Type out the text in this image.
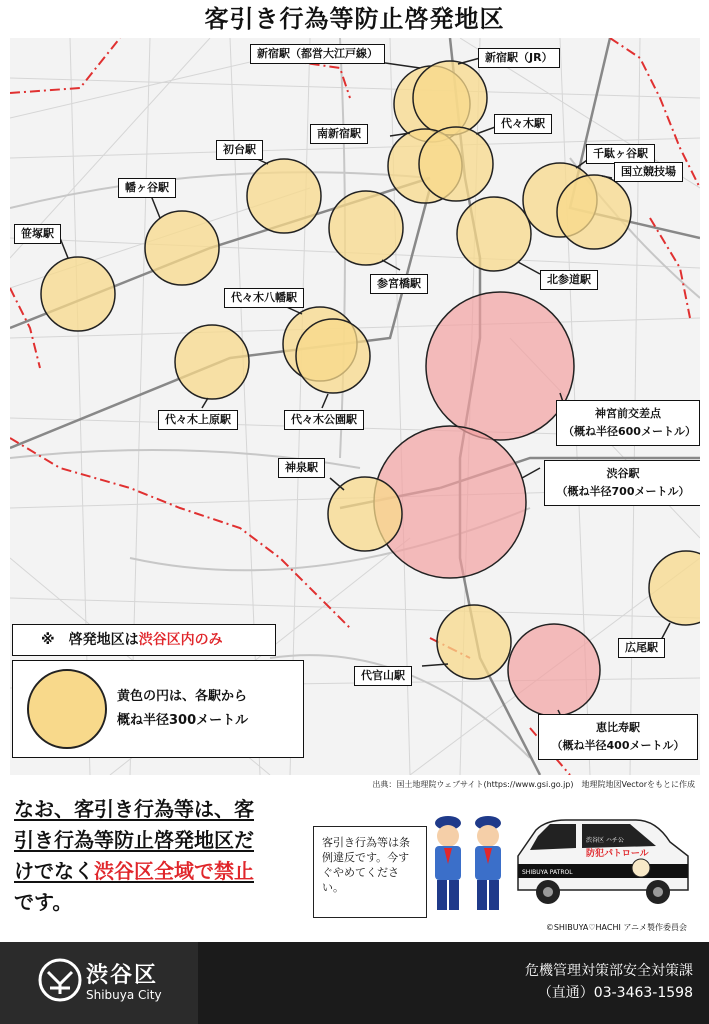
客引き行為等防止啓発地区
新宿駅（都営大江戸線）	新宿駅（JR）
南新宿駅
代々木駅
初台駅	千駄ヶ谷駅
国立競技場
幡ヶ谷駅
笹塚駅
参宮橋駅	北参道駅
代々木八幡駅
代々木上原駅	代々木公園駅	神宮前交差点
（概ね半径600メートル）
神泉駅	渋谷駅
（概ね半径700メートル）
代官山駅
広尾駅
恵比寿駅
（概ね半径400メートル）
※　啓発地区は渋谷区内のみ
黄色の円は、各駅から
概ね半径300メートル
出典：国土地理院ウェブサイト(https://www.gsi.go.jp)　地理院地図Vectorをもとに作成
なお、客引き行為等は、客
引き行為等防止啓発地区だ
けでなく渋谷区全域で禁止
です。
客引き行為等は条例違反です。今すぐやめてください。
防犯パトロール
渋谷区 ハチ公
SHIBUYA PATROL
©SHIBUYA♡HACHI アニメ製作委員会
渋谷区
Shibuya City
危機管理対策部安全対策課
（直通）03-3463-1598
